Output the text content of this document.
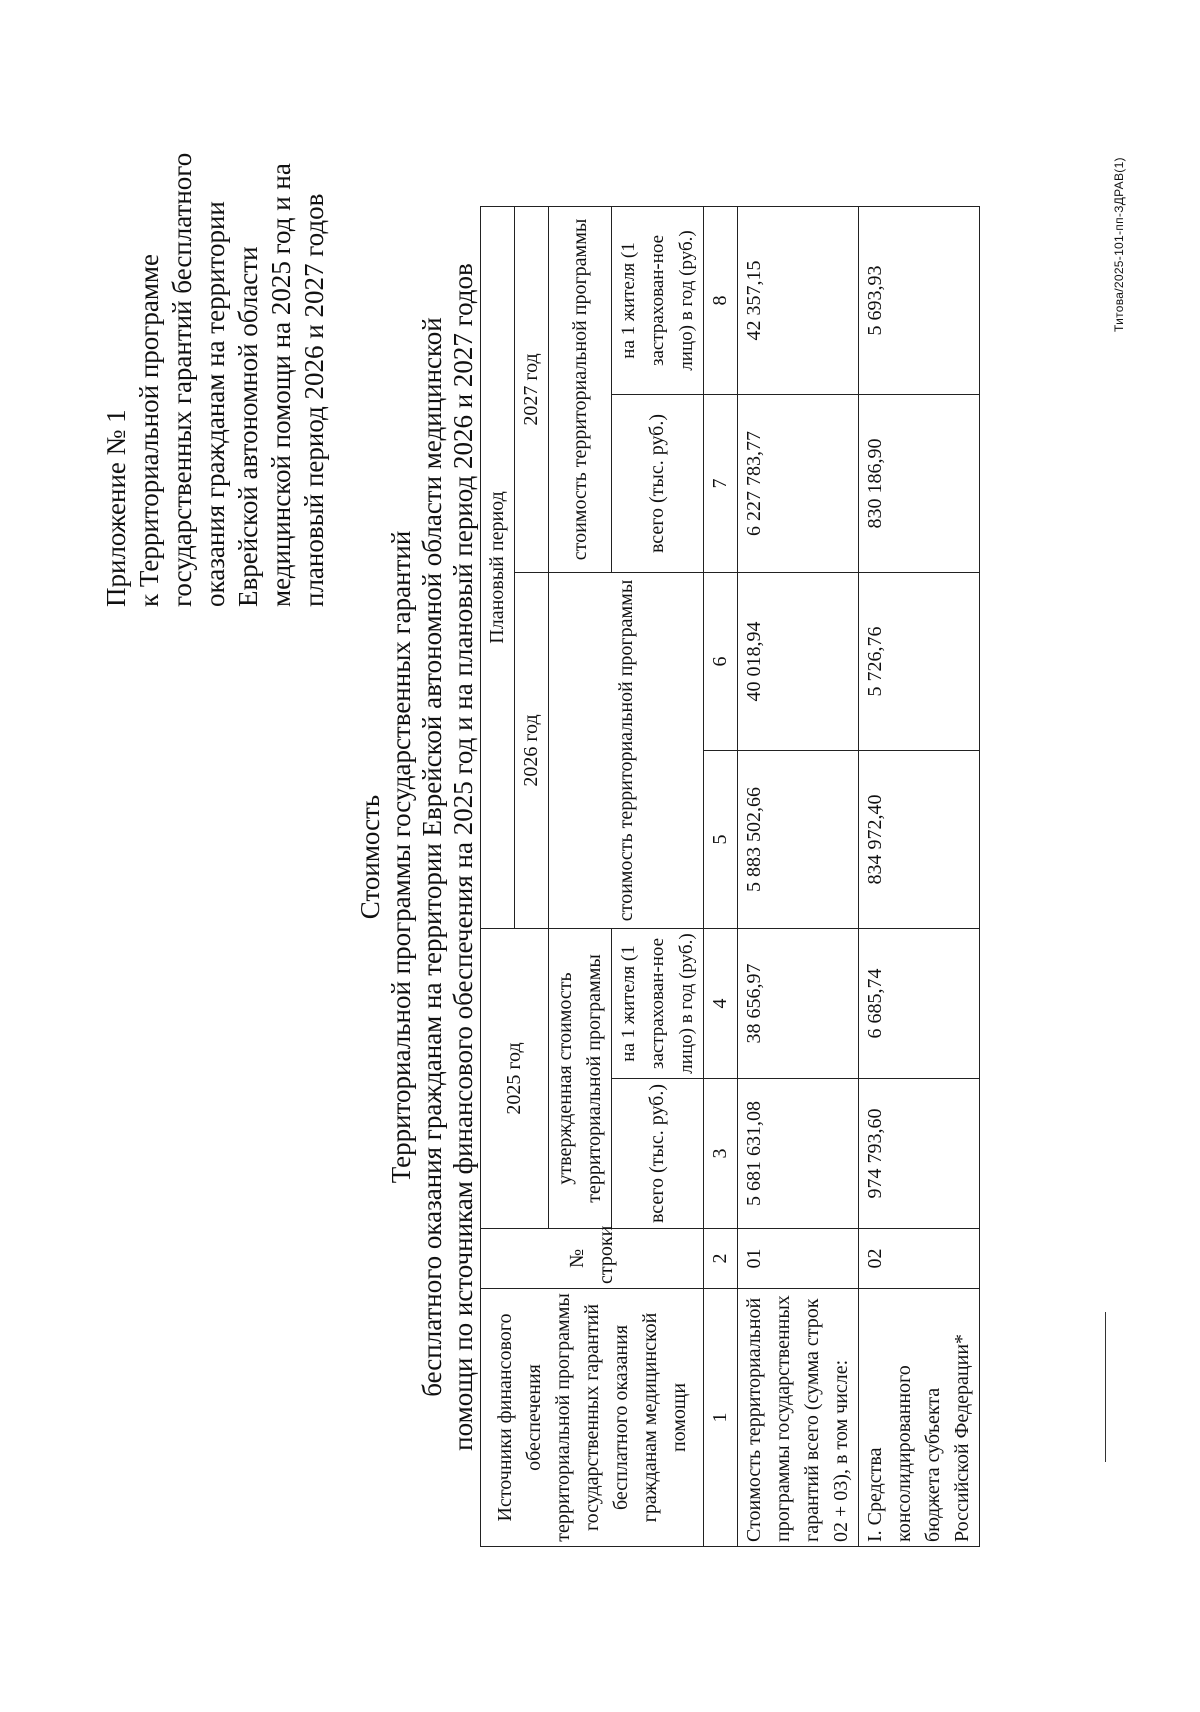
Приложение № 1 к Территориальной программе государственных гарантий бесплатного оказания гражданам на территории Еврейской автономной области медицинской помощи на 2025 год и на плановый период 2026 и 2027 годов
Стоимость Территориальной программы государственных гарантий бесплатного оказания гражданам на территории Еврейской автономной области медицинской помощи по источникам финансового обеспечения на 2025 год и на плановый период 2026 и 2027 годов Источники финансового обеспечения территориальной программы государственных гарантий бесплатного оказания гражданам медицинской помощи	№ строки	2025 год		Плановый период			
				2026 год		2027 год	
		утвержденная стоимость территориальной программы		стоимость территориальной программы		стоимость территориальной программы	
		всего (тыс. руб.)	на 1 жителя (1 застрахован-ное лицо) в год (руб.)			всего (тыс. руб.)	на 1 жителя (1 застрахован-ное лицо) в год (руб.)
1	2	3	4	5	6	7	8
Стоимость территориальной программы государственных гарантий всего (сумма строк 02 + 03), в том числе:	01	5 681 631,08	38 656,97	5 883 502,66	40 018,94	6 227 783,77	42 357,15
I. Средства консолидированного бюджета субъекта Российской Федерации*	02	974 793,60	6 685,74	834 972,40	5 726,76	830 186,90	5 693,93	Титова/2025-101-пп-ЗДРАВ(1)
